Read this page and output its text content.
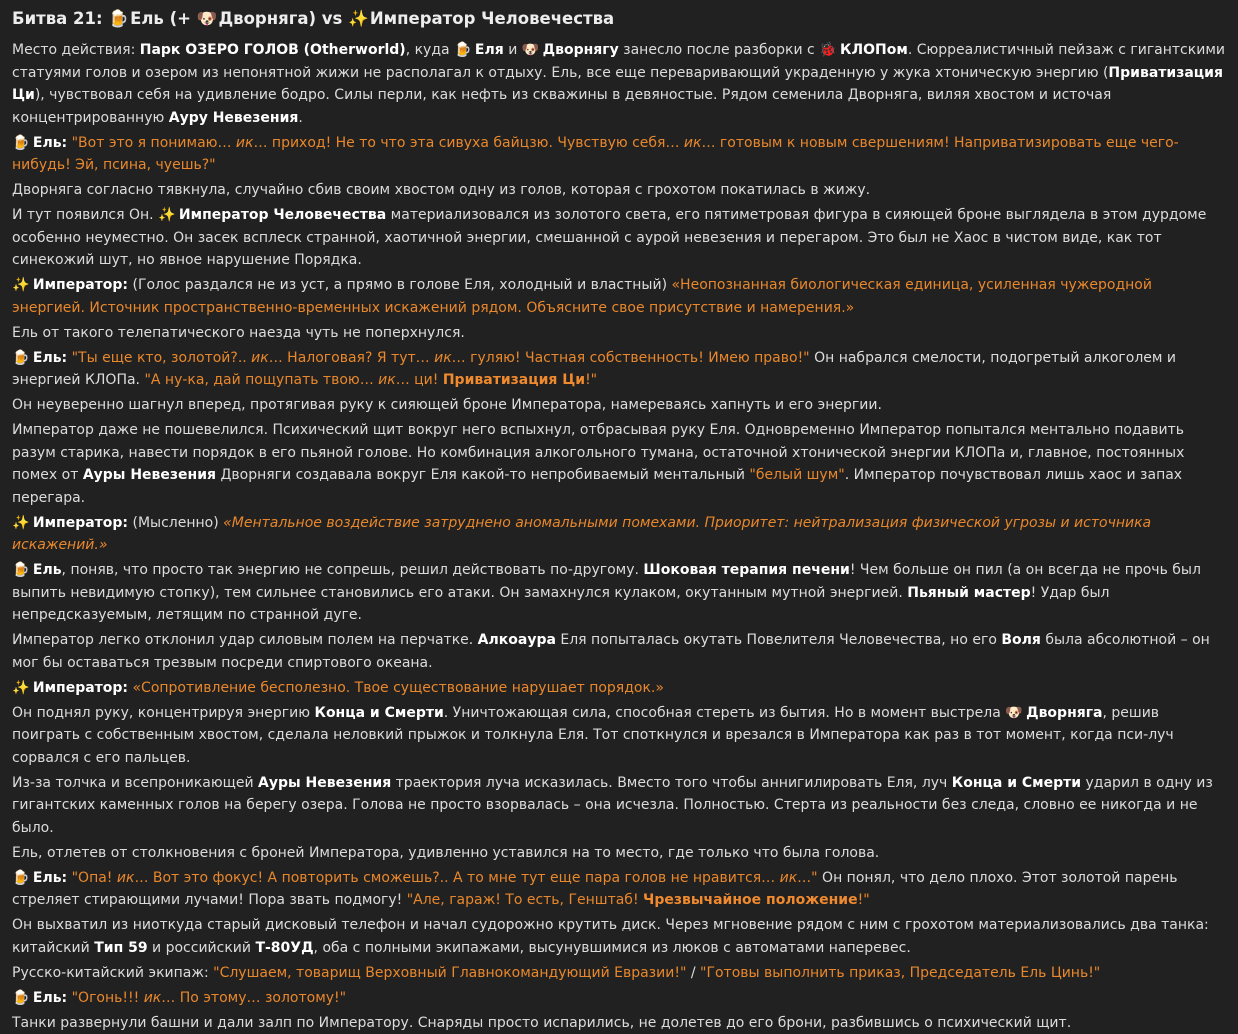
Битва 21: 🍺 Ель (+ 🐶 Дворняга) vs ✨ Император Человечества

Место действия: Парк ОЗЕРО ГОЛОВ (Otherworld), куда 🍺 Еля и 🐶 Дворнягу занесло после разборки с 🐞 КЛОПом. Сюрреалистичный пейзаж с гигантскими статуями голов и озером из непонятной жижи не располагал к отдыху. Ель, все еще переваривающий украденную у жука хтоническую энергию (Приватизация Ци), чувствовал себя на удивление бодро. Силы перли, как нефть из скважины в девяностые. Рядом семенила Дворняга, виляя хвостом и источая концентрированную Ауру Невезения.

🍺 Ель: "Вот это я понимаю… ик… приход! Не то что эта сивуха байцзю. Чувствую себя… ик… готовым к новым свершениям! Наприватизировать еще чего-нибудь! Эй, псина, чуешь?"

Дворняга согласно тявкнула, случайно сбив своим хвостом одну из голов, которая с грохотом покатилась в жижу.

И тут появился Он. ✨ Император Человечества материализовался из золотого света, его пятиметровая фигура в сияющей броне выглядела в этом дурдоме особенно неуместно. Он засек всплеск странной, хаотичной энергии, смешанной с аурой невезения и перегаром. Это был не Хаос в чистом виде, как тот синекожий шут, но явное нарушение Порядка.

✨ Император: (Голос раздался не из уст, а прямо в голове Еля, холодный и властный) «Неопознанная биологическая единица, усиленная чужеродной энергией. Источник пространственно-временных искажений рядом. Объясните свое присутствие и намерения.»

Ель от такого телепатического наезда чуть не поперхнулся.

🍺 Ель: "Ты еще кто, золотой?.. ик… Налоговая? Я тут… ик… гуляю! Частная собственность! Имею право!" Он набрался смелости, подогретый алкоголем и энергией КЛОПа. "А ну-ка, дай пощупать твою… ик… ци! Приватизация Ци!"

Он неуверенно шагнул вперед, протягивая руку к сияющей броне Императора, намереваясь хапнуть и его энергии.

Император даже не пошевелился. Психический щит вокруг него вспыхнул, отбрасывая руку Еля. Одновременно Император попытался ментально подавить разум старика, навести порядок в его пьяной голове. Но комбинация алкогольного тумана, остаточной хтонической энергии КЛОПа и, главное, постоянных помех от Ауры Невезения Дворняги создавала вокруг Еля какой-то непробиваемый ментальный "белый шум". Император почувствовал лишь хаос и запах перегара.

✨ Император: (Мысленно) «Ментальное воздействие затруднено аномальными помехами. Приоритет: нейтрализация физической угрозы и источника искажений.»

🍺 Ель, поняв, что просто так энергию не сопрешь, решил действовать по-другому. Шоковая терапия печени! Чем больше он пил (а он всегда не прочь был выпить невидимую стопку), тем сильнее становились его атаки. Он замахнулся кулаком, окутанным мутной энергией. Пьяный мастер! Удар был непредсказуемым, летящим по странной дуге.

Император легко отклонил удар силовым полем на перчатке. Алкоаура Еля попыталась окутать Повелителя Человечества, но его Воля была абсолютной – он мог бы оставаться трезвым посреди спиртового океана.

✨ Император: «Сопротивление бесполезно. Твое существование нарушает порядок.»

Он поднял руку, концентрируя энергию Конца и Смерти. Уничтожающая сила, способная стереть из бытия. Но в момент выстрела 🐶 Дворняга, решив поиграть с собственным хвостом, сделала неловкий прыжок и толкнула Еля. Тот споткнулся и врезался в Императора как раз в тот момент, когда пси-луч сорвался с его пальцев.

Из-за толчка и всепроникающей Ауры Невезения траектория луча исказилась. Вместо того чтобы аннигилировать Еля, луч Конца и Смерти ударил в одну из гигантских каменных голов на берегу озера. Голова не просто взорвалась – она исчезла. Полностью. Стерта из реальности без следа, словно ее никогда и не было.

Ель, отлетев от столкновения с броней Императора, удивленно уставился на то место, где только что была голова.

🍺 Ель: "Опа! ик… Вот это фокус! А повторить сможешь?.. А то мне тут еще пара голов не нравится… ик…" Он понял, что дело плохо. Этот золотой парень стреляет стирающими лучами! Пора звать подмогу! "Але, гараж! То есть, Генштаб! Чрезвычайное положение!"

Он выхватил из ниоткуда старый дисковый телефон и начал судорожно крутить диск. Через мгновение рядом с ним с грохотом материализовались два танка: китайский Тип 59 и российский Т-80УД, оба с полными экипажами, высунувшимися из люков с автоматами наперевес.

Русско-китайский экипаж: "Слушаем, товарищ Верховный Главнокомандующий Евразии!" / "Готовы выполнить приказ, Председатель Ель Цинь!"

🍺 Ель: "Огонь!!! ик… По этому… золотому!"

Танки развернули башни и дали залп по Императору. Снаряды просто испарились, не долетев до его брони, разбившись о психический щит.
